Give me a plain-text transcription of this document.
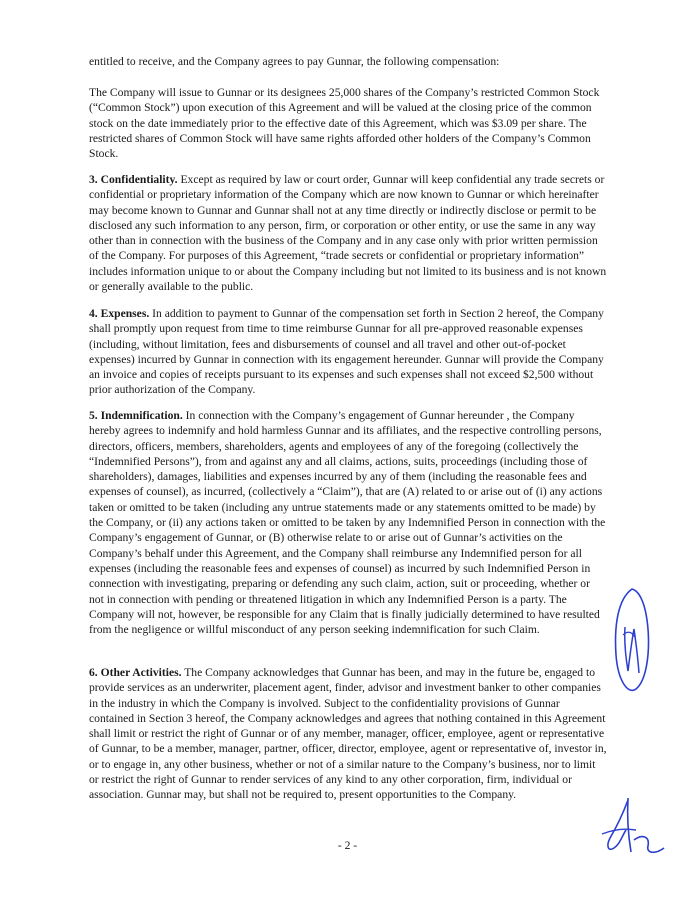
entitled to receive, and the Company agrees to pay Gunnar, the following compensation:
The Company will issue to Gunnar or its designees 25,000 shares of the Company’s restricted Common Stock (“Common Stock”) upon execution of this Agreement and will be valued at the closing price of the common stock on the date immediately prior to the effective date of this Agreement, which was $3.09 per share. The restricted shares of Common Stock will have same rights afforded other holders of the Company’s Common Stock.
3. Confidentiality. Except as required by law or court order, Gunnar will keep confidential any trade secrets or confidential or proprietary information of the Company which are now known to Gunnar or which hereinafter may become known to Gunnar and Gunnar shall not at any time directly or indirectly disclose or permit to be disclosed any such information to any person, firm, or corporation or other entity, or use the same in any way other than in connection with the business of the Company and in any case only with prior written permission of the Company. For purposes of this Agreement, “trade secrets or confidential or proprietary information” includes information unique to or about the Company including but not limited to its business and is not known or generally available to the public.
4. Expenses. In addition to payment to Gunnar of the compensation set forth in Section 2 hereof, the Company shall promptly upon request from time to time reimburse Gunnar for all pre-approved reasonable expenses (including, without limitation, fees and disbursements of counsel and all travel and other out-of-pocket expenses) incurred by Gunnar in connection with its engagement hereunder. Gunnar will provide the Company an invoice and copies of receipts pursuant to its expenses and such expenses shall not exceed $2,500 without prior authorization of the Company.
5. Indemnification. In connection with the Company’s engagement of Gunnar hereunder , the Company hereby agrees to indemnify and hold harmless Gunnar and its affiliates, and the respective controlling persons, directors, officers, members, shareholders, agents and employees of any of the foregoing (collectively the “Indemnified Persons”), from and against any and all claims, actions, suits, proceedings (including those of shareholders), damages, liabilities and expenses incurred by any of them (including the reasonable fees and expenses of counsel), as incurred, (collectively a “Claim”), that are (A) related to or arise out of (i) any actions taken or omitted to be taken (including any untrue statements made or any statements omitted to be made) by the Company, or (ii) any actions taken or omitted to be taken by any Indemnified Person in connection with the Company’s engagement of Gunnar, or (B) otherwise relate to or arise out of Gunnar’s activities on the Company’s behalf under this Agreement, and the Company shall reimburse any Indemnified person for all expenses (including the reasonable fees and expenses of counsel) as incurred by such Indemnified Person in connection with investigating, preparing or defending any such claim, action, suit or proceeding, whether or not in connection with pending or threatened litigation in which any Indemnified Person is a party. The Company will not, however, be responsible for any Claim that is finally judicially determined to have resulted from the negligence or willful misconduct of any person seeking indemnification for such Claim.
6. Other Activities. The Company acknowledges that Gunnar has been, and may in the future be, engaged to provide services as an underwriter, placement agent, finder, advisor and investment banker to other companies in the industry in which the Company is involved. Subject to the confidentiality provisions of Gunnar contained in Section 3 hereof, the Company acknowledges and agrees that nothing contained in this Agreement shall limit or restrict the right of Gunnar or of any member, manager, officer, employee, agent or representative of Gunnar, to be a member, manager, partner, officer, director, employee, agent or representative of, investor in, or to engage in, any other business, whether or not of a similar nature to the Company’s business, nor to limit or restrict the right of Gunnar to render services of any kind to any other corporation, firm, individual or association. Gunnar may, but shall not be required to, present opportunities to the Company.
- 2 -
